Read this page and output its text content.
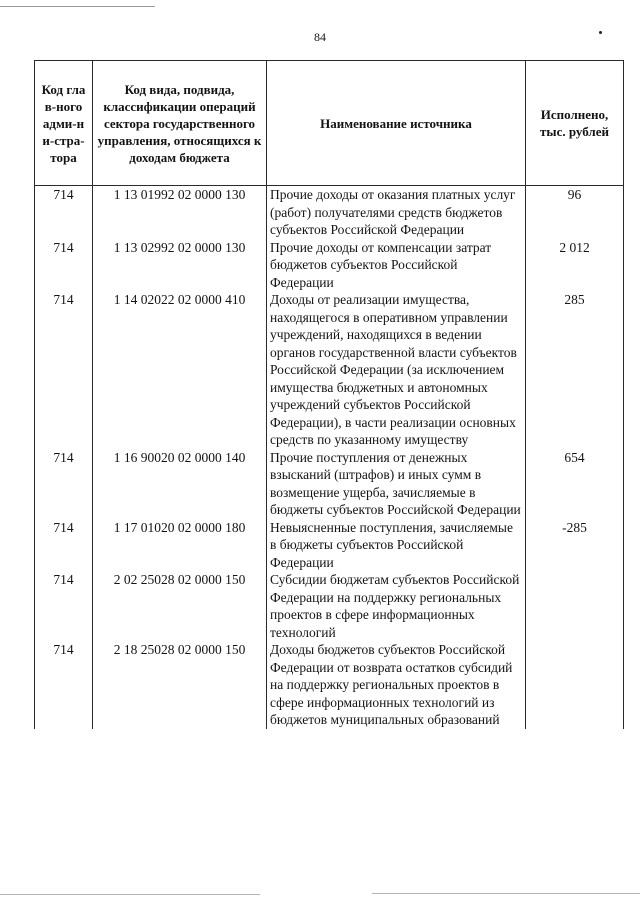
84
Код глав-ного адми-ни-стра-тора	Код вида, подвида, классификации операций сектора государственного управления, относящихся к доходам бюджета	Наименование источника	Исполнено, тыс. рублей
714	1 13 01992 02 0000 130	Прочие доходы от оказания платных услуг (работ) получателями средств бюджетов субъектов Российской Федерации	96
714	1 13 02992 02 0000 130	Прочие доходы от компенсации затрат бюджетов субъектов Российской Федерации	2 012
714	1 14 02022 02 0000 410	Доходы от реализации имущества, находящегося в оперативном управлении учреждений, находящихся в ведении органов государственной власти субъектов Российской Федерации (за исключением имущества бюджетных и автономных учреждений субъектов Российской Федерации), в части реализации основных средств по указанному имуществу	285
714	1 16 90020 02 0000 140	Прочие поступления от денежных взысканий (штрафов) и иных сумм в возмещение ущерба, зачисляемые в бюджеты субъектов Российской Федерации	654
714	1 17 01020 02 0000 180	Невыясненные поступления, зачисляемые в бюджеты субъектов Российской Федерации	-285
714	2 02 25028 02 0000 150	Субсидии бюджетам субъектов Российской Федерации на поддержку региональных проектов в сфере информационных технологий	
714	2 18 25028 02 0000 150	Доходы бюджетов субъектов Российской Федерации от возврата остатков субсидий на поддержку региональных проектов в сфере информационных технологий из бюджетов муниципальных образований	
